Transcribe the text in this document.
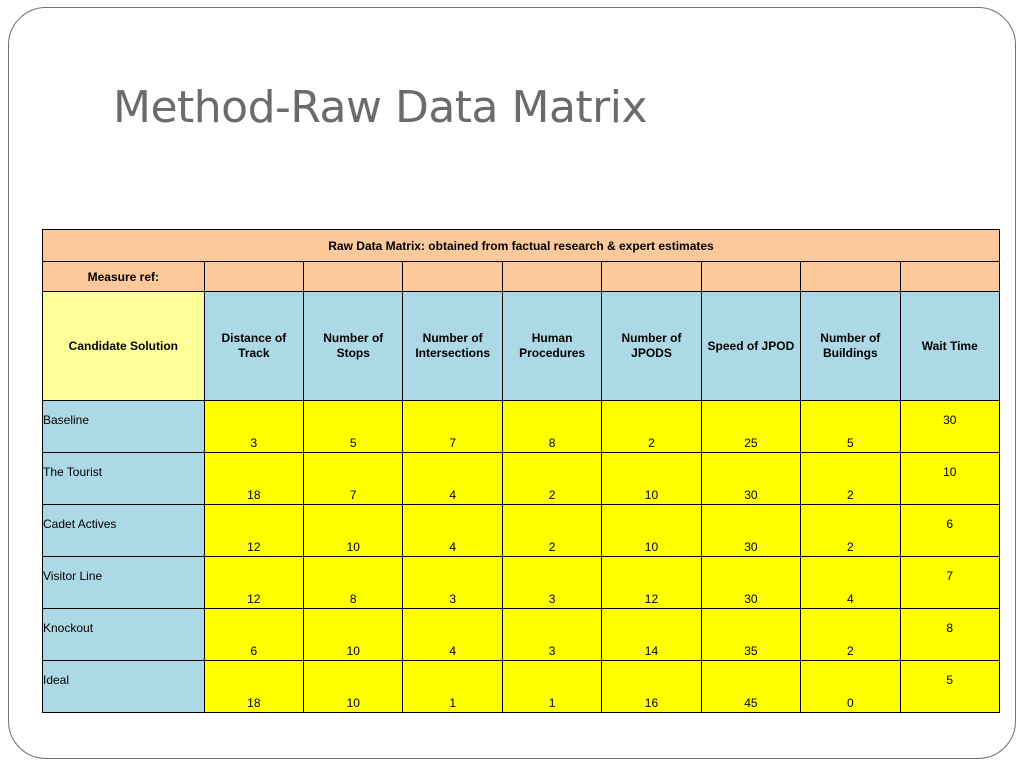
Method-Raw Data Matrix
Raw Data Matrix: obtained from factual research & expert estimates								
Measure ref:								
Candidate Solution	Distance of Track	Number of Stops	Number of Intersections	Human Procedures	Number of JPODS	Speed of JPOD	Number of Buildings	Wait Time

Baseline	3	5	7	8	2	25	5	30

The Tourist	18	7	4	2	10	30	2	10

Cadet Actives	12	10	4	2	10	30	2	6

Visitor Line	12	8	3	3	12	30	4	7

Knockout	6	10	4	3	14	35	2	8

Ideal	18	10	1	1	16	45	0	5
